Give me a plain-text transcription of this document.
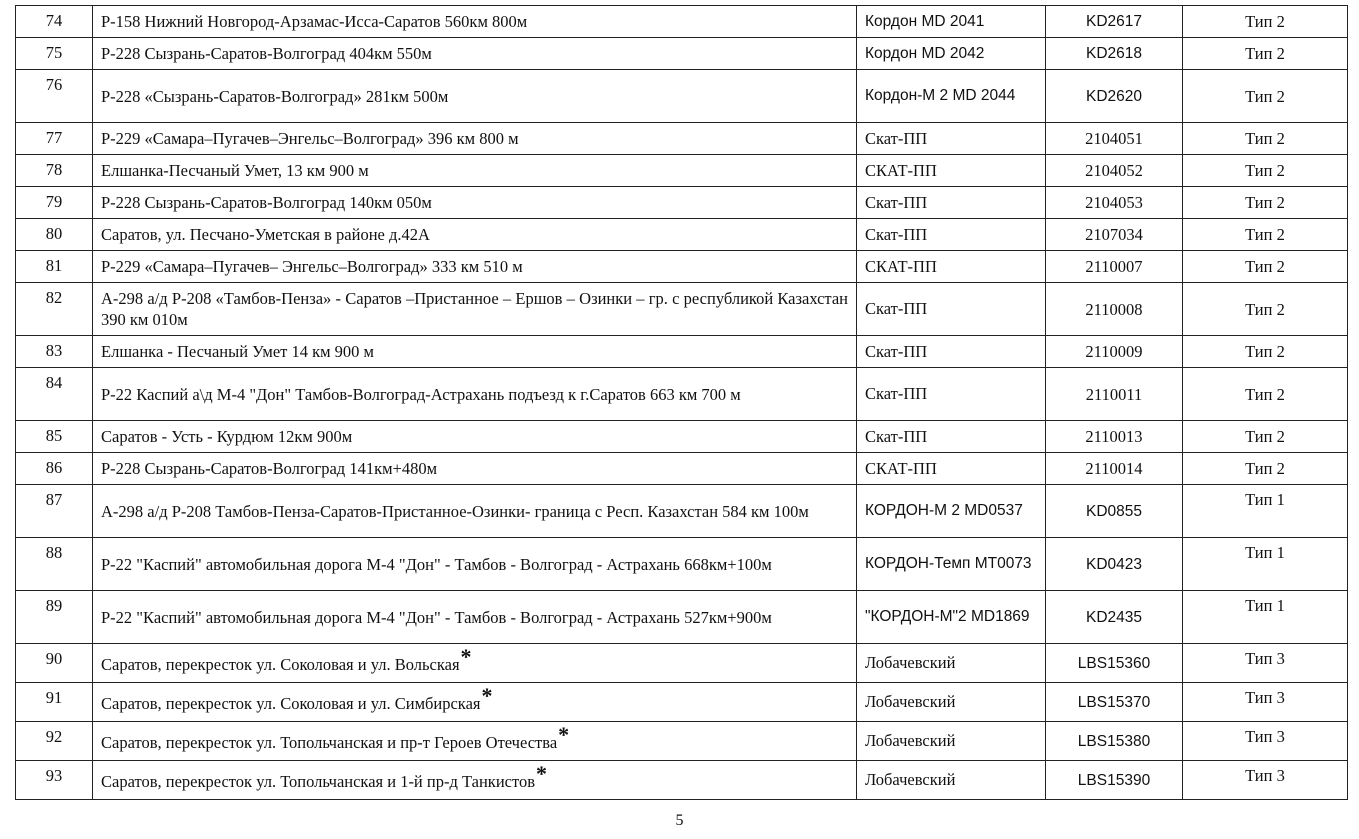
74	Р-158 Нижний Новгород-Арзамас-Исса-Саратов 560км 800м	Кордон MD 2041	KD2617	Тип 2
75	Р-228 Сызрань-Саратов-Волгоград 404км 550м	Кордон MD 2042	KD2618	Тип 2
76	Р-228 «Сызрань-Саратов-Волгоград» 281км 500м	Кордон-М 2 MD 2044	KD2620	Тип 2
77	Р-229 «Самара–Пугачев–Энгельс–Волгоград» 396 км 800 м	Скат-ПП	2104051	Тип 2
78	Елшанка-Песчаный Умет, 13 км 900 м	СКАТ-ПП	2104052	Тип 2
79	Р-228 Сызрань-Саратов-Волгоград 140км 050м	Скат-ПП	2104053	Тип 2
80	Саратов, ул. Песчано-Уметская в районе д.42А	Скат-ПП	2107034	Тип 2
81	Р-229 «Самара–Пугачев– Энгельс–Волгоград» 333 км 510 м	СКАТ-ПП	2110007	Тип 2
82	А-298 а/д Р-208 «Тамбов-Пенза» - Саратов –Пристанное – Ершов – Озинки – гр. с республикой Казахстан 390 км 010м	Скат-ПП	2110008	Тип 2
83	Елшанка - Песчаный Умет 14 км 900 м	Скат-ПП	2110009	Тип 2
84	Р-22 Каспий а\д М-4 "Дон" Тамбов-Волгоград-Астрахань подъезд к г.Саратов 663 км 700 м	Скат-ПП	2110011	Тип 2
85	Саратов - Усть - Курдюм 12км 900м	Скат-ПП	2110013	Тип 2
86	Р-228 Сызрань-Саратов-Волгоград 141км+480м	СКАТ-ПП	2110014	Тип 2
87	А-298 а/д Р-208 Тамбов-Пенза-Саратов-Пристанное-Озинки- граница с Респ. Казахстан 584 км 100м	КОРДОН-М 2 MD0537	KD0855	Тип 1
88	Р-22 "Каспий" автомобильная дорога М-4 "Дон" - Тамбов - Волгоград - Астрахань 668км+100м	КОРДОН-Темп МТ0073	KD0423	Тип 1
89	Р-22 "Каспий" автомобильная дорога М-4 "Дон" - Тамбов - Волгоград - Астрахань 527км+900м	"КОРДОН-М"2 MD1869	KD2435	Тип 1
90	Саратов, перекресток ул. Соколовая и ул. Вольская*	Лобачевский	LBS15360	Тип 3
91	Саратов, перекресток ул. Соколовая и ул. Симбирская*	Лобачевский	LBS15370	Тип 3
92	Саратов, перекресток ул. Топольчанская и пр-т Героев Отечества*	Лобачевский	LBS15380	Тип 3
93	Саратов, перекресток ул. Топольчанская и 1-й пр-д Танкистов*	Лобачевский	LBS15390	Тип 3
5
